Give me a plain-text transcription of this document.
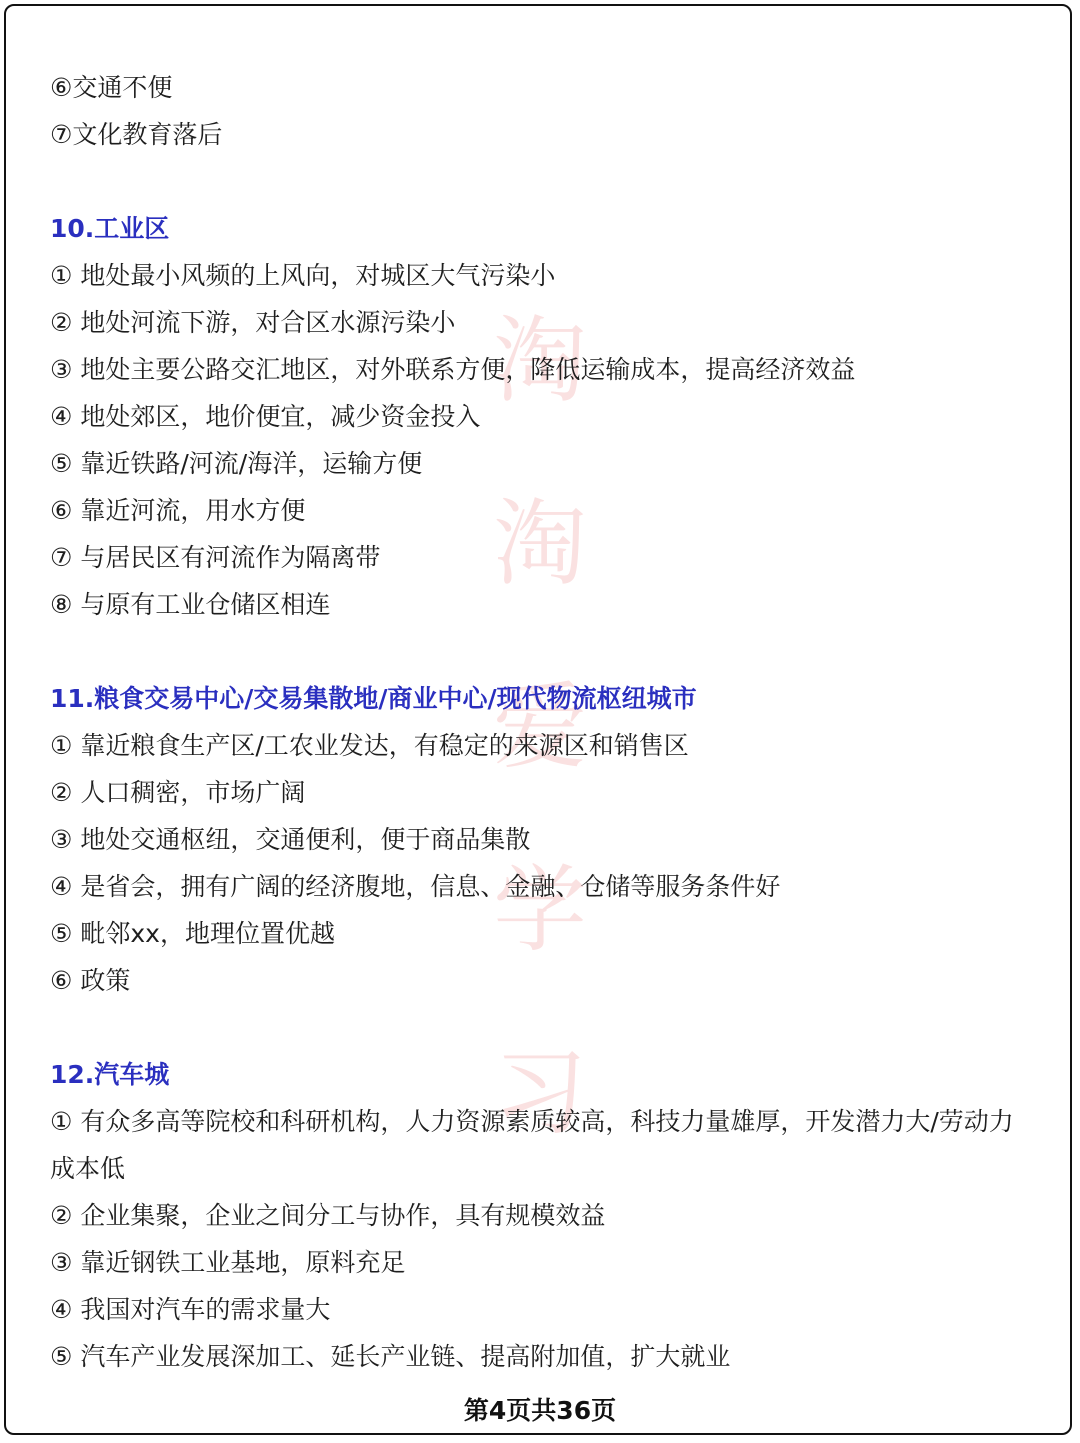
淘
淘
爱
学
习
⑥交通不便
⑦文化教育落后
10.工业区
① 地处最小风频的上风向，对城区大气污染小
② 地处河流下游，对合区水源污染小
③ 地处主要公路交汇地区，对外联系方便，降低运输成本，提高经济效益
④ 地处郊区，地价便宜，减少资金投入
⑤ 靠近铁路/河流/海洋，运输方便
⑥ 靠近河流，用水方便
⑦ 与居民区有河流作为隔离带
⑧ 与原有工业仓储区相连
11.粮食交易中心/交易集散地/商业中心/现代物流枢纽城市
① 靠近粮食生产区/工农业发达，有稳定的来源区和销售区
② 人口稠密，市场广阔
③ 地处交通枢纽，交通便利，便于商品集散
④ 是省会，拥有广阔的经济腹地，信息、金融、仓储等服务条件好
⑤ 毗邻xx，地理位置优越
⑥ 政策
12.汽车城
① 有众多高等院校和科研机构，人力资源素质较高，科技力量雄厚，开发潜力大/劳动力成本低
② 企业集聚，企业之间分工与协作，具有规模效益
③ 靠近钢铁工业基地，原料充足
④ 我国对汽车的需求量大
⑤ 汽车产业发展深加工、延长产业链、提高附加值，扩大就业
第4页共36页
